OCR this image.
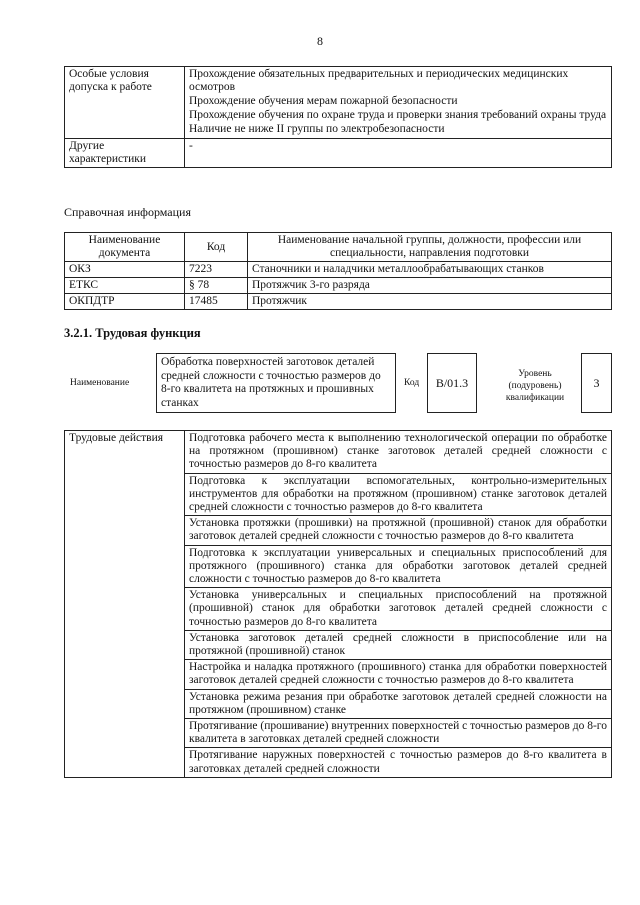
8
Особые условия допуска к работе	Прохождение обязательных предварительных и периодических медицинских осмотров
Прохождение обучения мерам пожарной безопасности
Прохождение обучения по охране труда и проверки знания требований охраны труда
Наличие не ниже II группы по электробезопасности

Другие характеристики	-
Справочная информация
Наименование документа	Код	Наименование начальной группы, должности, профессии или специальности, направления подготовки
ОКЗ	7223	Станочники и наладчики металлообрабатывающих станков
ЕТКС	§ 78	Протяжчик 3-го разряда
ОКПДТР	17485	Протяжчик
3.2.1. Трудовая функция
Наименование
Обработка поверхностей заготовок деталей средней сложности с точностью размеров до 8-го квалитета на протяжных и прошивных станках
Код	B/01.3
Уровень (подуровень) квалификации
3
Трудовые действия	Подготовка рабочего места к выполнению технологической операции по обработке на протяжном (прошивном) станке заготовок деталей средней сложности с точностью размеров до 8-го квалитета
Подготовка к эксплуатации вспомогательных, контрольно-измерительных инструментов для обработки на протяжном (прошивном) станке заготовок деталей средней сложности с точностью размеров до 8-го квалитета
Установка протяжки (прошивки) на протяжной (прошивной) станок для обработки заготовок деталей средней сложности с точностью размеров до 8-го квалитета
Подготовка к эксплуатации универсальных и специальных приспособлений для протяжного (прошивного) станка для обработки заготовок деталей средней сложности с точностью размеров до 8-го квалитета
Установка универсальных и специальных приспособлений на протяжной (прошивной) станок для обработки заготовок деталей средней сложности с точностью размеров до 8-го квалитета
Установка заготовок деталей средней сложности в приспособление или на протяжной (прошивной) станок
Настройка и наладка протяжного (прошивного) станка для обработки поверхностей заготовок деталей средней сложности с точностью размеров до 8-го квалитета
Установка режима резания при обработке заготовок деталей средней сложности на протяжном (прошивном) станке
Протягивание (прошивание) внутренних поверхностей с точностью размеров до 8-го квалитета в заготовках деталей средней сложности
Протягивание наружных поверхностей с точностью размеров до 8-го квалитета в заготовках деталей средней сложности
